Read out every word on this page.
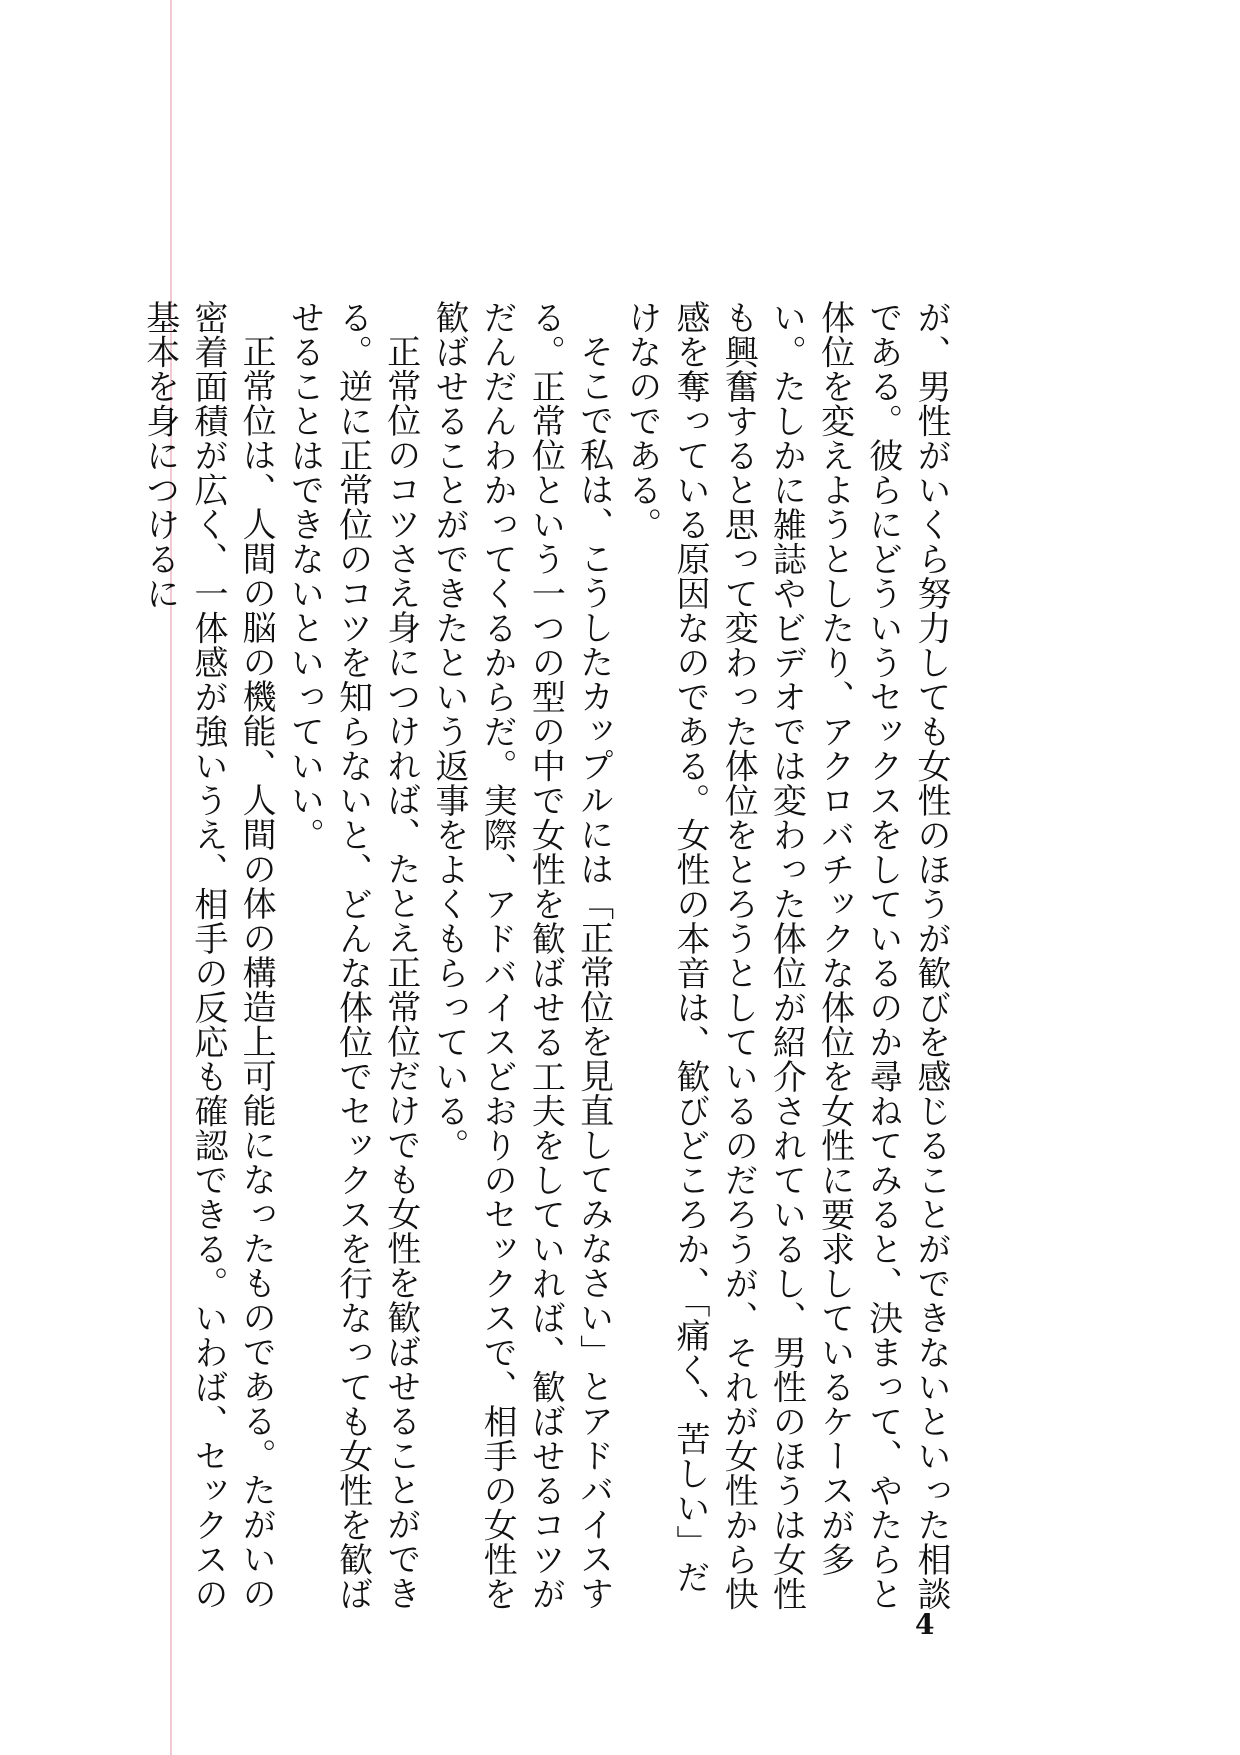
が、男性がいくら努力しても女性のほうが歓びを感じることができないといった相談である。彼らにどういうセックスをしているのか尋ねてみると、決まって、やたらと体位を変えようとしたり、アクロバチックな体位を女性に要求しているケースが多い。たしかに雑誌やビデオでは変わった体位が紹介されているし、男性のほうは女性も興奮すると思って変わった体位をとろうとしているのだろうが、それが女性から快感を奪っている原因なのである。女性の本音は、歓びどころか、「痛く、苦しい」だけなのである。

そこで私は、こうしたカップルには「正常位を見直してみなさい」とアドバイスする。正常位という一つの型の中で女性を歓ばせる工夫をしていれば、歓ばせるコツがだんだんわかってくるからだ。実際、アドバイスどおりのセックスで、相手の女性を歓ばせることができたという返事をよくもらっている。

正常位のコツさえ身につければ、たとえ正常位だけでも女性を歓ばせることができる。逆に正常位のコツを知らないと、どんな体位でセックスを行なっても女性を歓ばせることはできないといっていい。

正常位は、人間の脳の機能、人間の体の構造上可能になったものである。たがいの密着面積が広く、一体感が強いうえ、相手の反応も確認できる。いわば、セックスの基本を身につけるに

4
